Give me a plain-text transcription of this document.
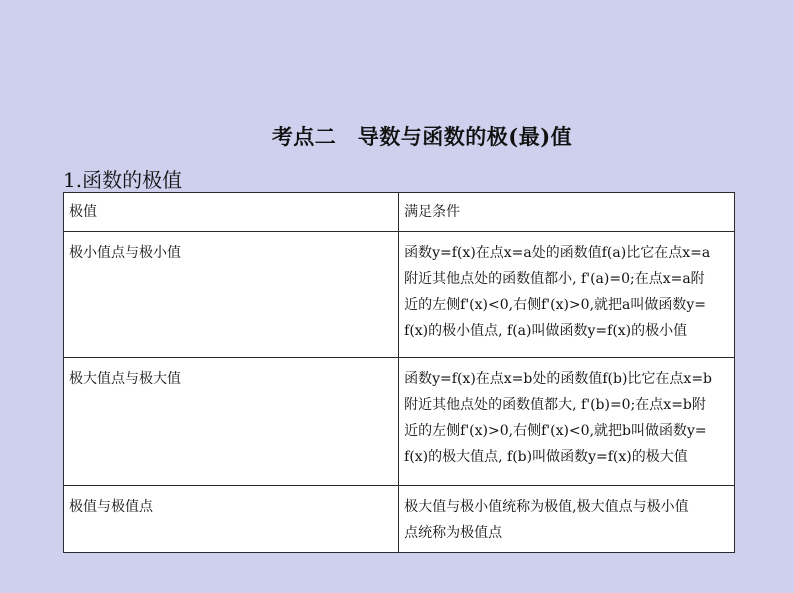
考点二　导数与函数的极(最)值
1.函数的极值
极值	满足条件
极小值点与极小值	函数y=f(x)在点x=a处的函数值f(a)比它在点x=a
附近其他点处的函数值都小, f'(a)=0;在点x=a附
近的左侧f'(x)<0,右侧f'(x)>0,就把a叫做函数y=
f(x)的极小值点, f(a)叫做函数y=f(x)的极小值

极大值点与极大值	函数y=f(x)在点x=b处的函数值f(b)比它在点x=b
附近其他点处的函数值都大, f'(b)=0;在点x=b附
近的左侧f'(x)>0,右侧f'(x)<0,就把b叫做函数y=
f(x)的极大值点, f(b)叫做函数y=f(x)的极大值

极值与极值点	极大值与极小值统称为极值,极大值点与极小值
点统称为极值点
